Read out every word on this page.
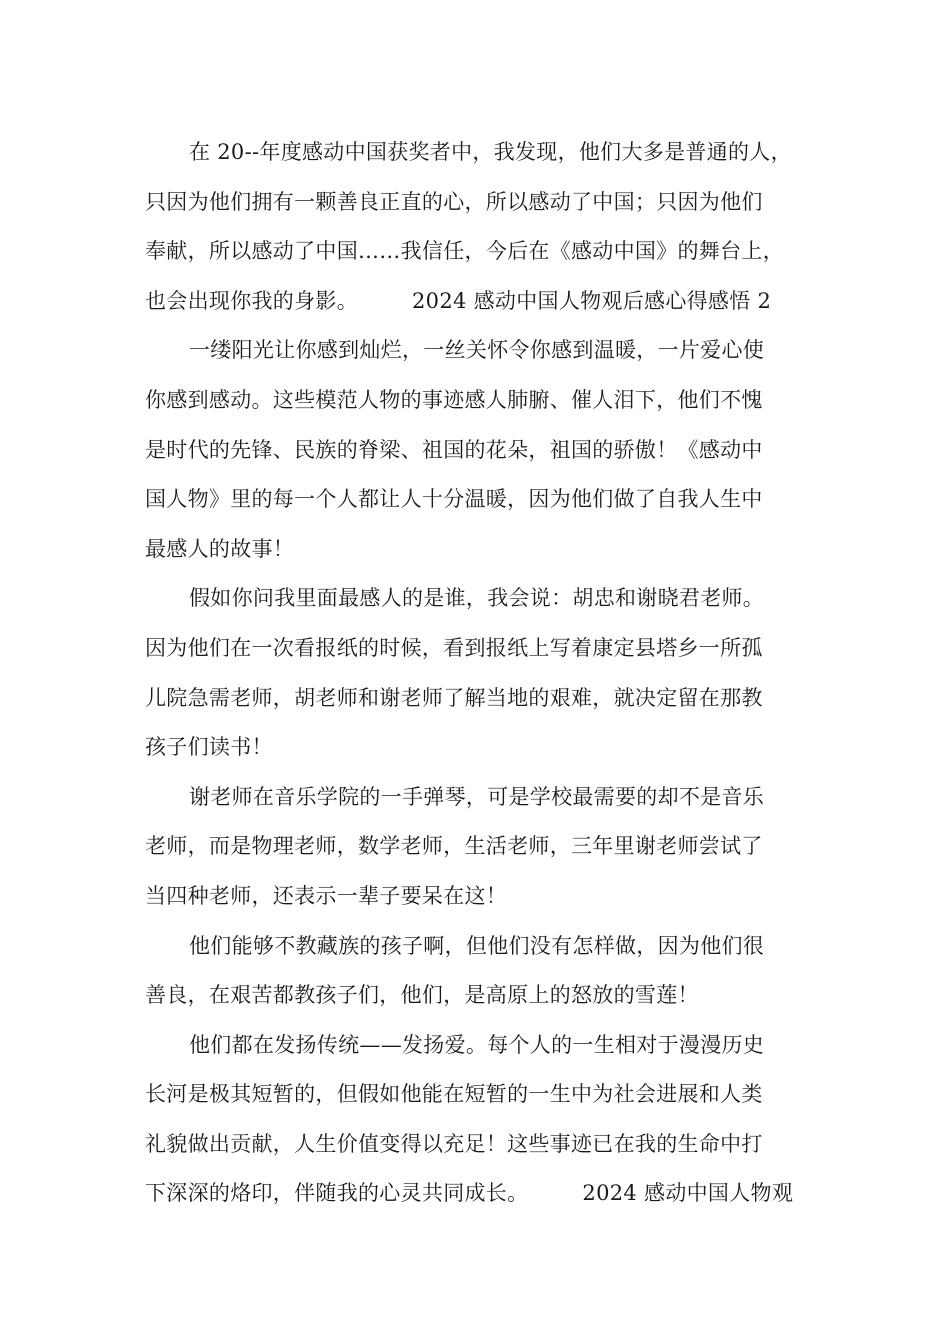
在 20--年度感动中国获奖者中，我发现，他们大多是普通的人，
只因为他们拥有一颗善良正直的心，所以感动了中国；只因为他们
奉献，所以感动了中国……我信任，今后在《感动中国》的舞台上，
也会出现你我的身影。	2024 感动中国人物观后感心得感悟 2
一缕阳光让你感到灿烂，一丝关怀令你感到温暖，一片爱心使
你感到感动。这些模范人物的事迹感人肺腑、催人泪下，他们不愧
是时代的先锋、民族的脊梁、祖国的花朵，祖国的骄傲！《感动中
国人物》里的每一个人都让人十分温暖，因为他们做了自我人生中
最感人的故事！
假如你问我里面最感人的是谁，我会说：胡忠和谢晓君老师。
因为他们在一次看报纸的时候，看到报纸上写着康定县塔乡一所孤
儿院急需老师，胡老师和谢老师了解当地的艰难，就决定留在那教
孩子们读书！
谢老师在音乐学院的一手弹琴，可是学校最需要的却不是音乐
老师，而是物理老师，数学老师，生活老师，三年里谢老师尝试了
当四种老师，还表示一辈子要呆在这！
他们能够不教藏族的孩子啊，但他们没有怎样做，因为他们很
善良，在艰苦都教孩子们，他们，是高原上的怒放的雪莲！
他们都在发扬传统——发扬爱。每个人的一生相对于漫漫历史
长河是极其短暂的，但假如他能在短暂的一生中为社会进展和人类
礼貌做出贡献，人生价值变得以充足！这些事迹已在我的生命中打
下深深的烙印，伴随我的心灵共同成长。	2024 感动中国人物观
